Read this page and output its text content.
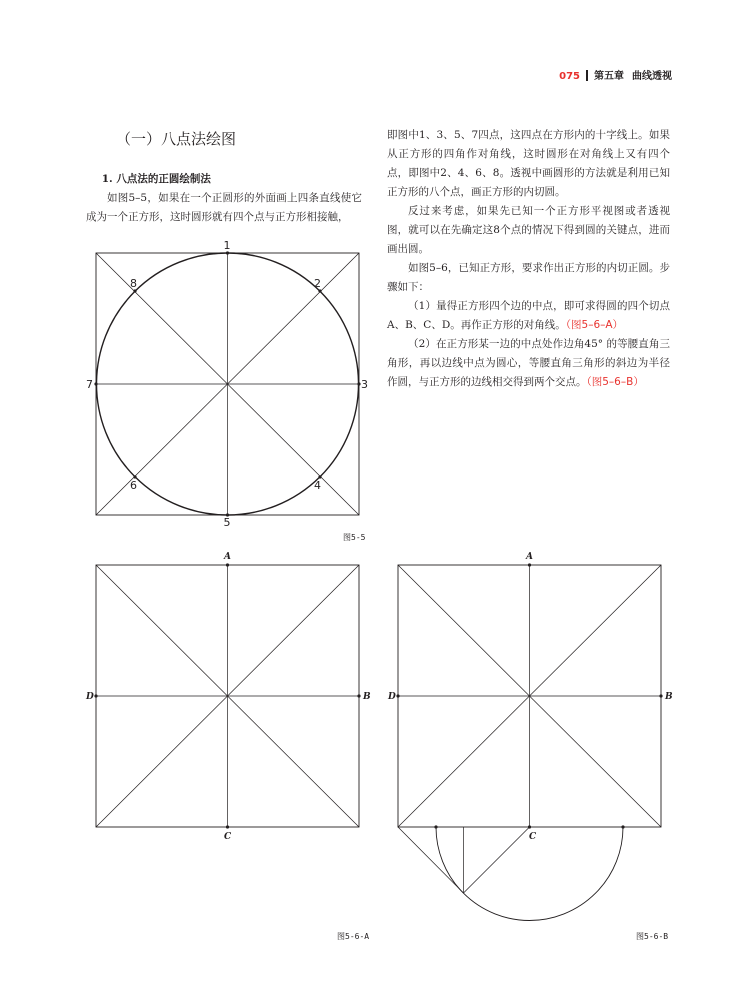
075 第五章 曲线透视
（一）八点法绘图

1. 八点法的正圆绘制法

如图5–5，如果在一个正圆形的外面画上四条直线使它成为一个正方形，这时圆形就有四个点与正方形相接触，

即图中1、3、5、7四点，这四点在方形内的十字线上。如果从正方形的四角作对角线，这时圆形在对角线上又有四个点，即图中2、4、6、8。透视中画圆形的方法就是利用已知正方形的八个点，画正方形的内切圆。

反过来考虑，如果先已知一个正方形平视图或者透视图，就可以在先确定这8个点的情况下得到圆的关键点，进而画出圆。

如图5–6，已知正方形，要求作出正方形的内切正圆。步骤如下：

（1）量得正方形四个边的中点，即可求得圆的四个切点A、B、C、D。再作正方形的对角线。（图5–6–A）

（2）在正方形某一边的中点处作边角45° 的等腰直角三角形，再以边线中点为圆心，等腰直角三角形的斜边为半径作圆，与正方形的边线相交得到两个交点。（图5–6–B）

1
2
3
4
5
6
7
8
A
B
C
D
A
B
C
D
图5-5
图5-6-A	图5-6-B
